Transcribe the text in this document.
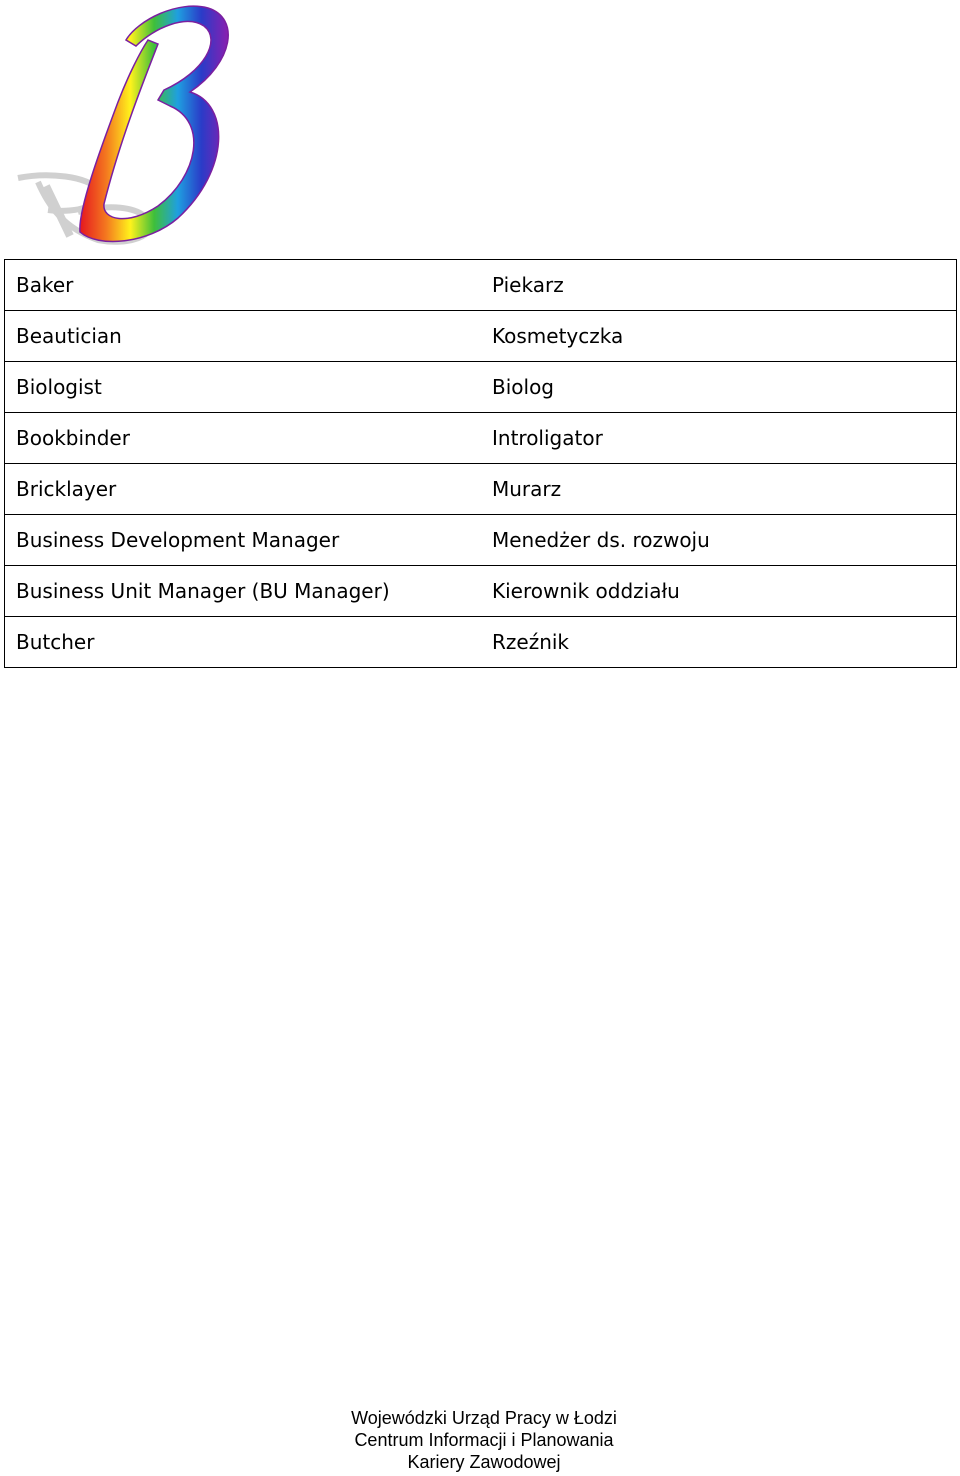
Baker	Piekarz
Beautician	Kosmetyczka
Biologist	Biolog
Bookbinder	Introligator
Bricklayer	Murarz
Business Development Manager	Menedżer ds. rozwoju
Business Unit Manager (BU Manager)	Kierownik oddziału
Butcher	Rzeźnik
Wojewódzki Urząd Pracy w Łodzi
Centrum Informacji i Planowania
Kariery Zawodowej
